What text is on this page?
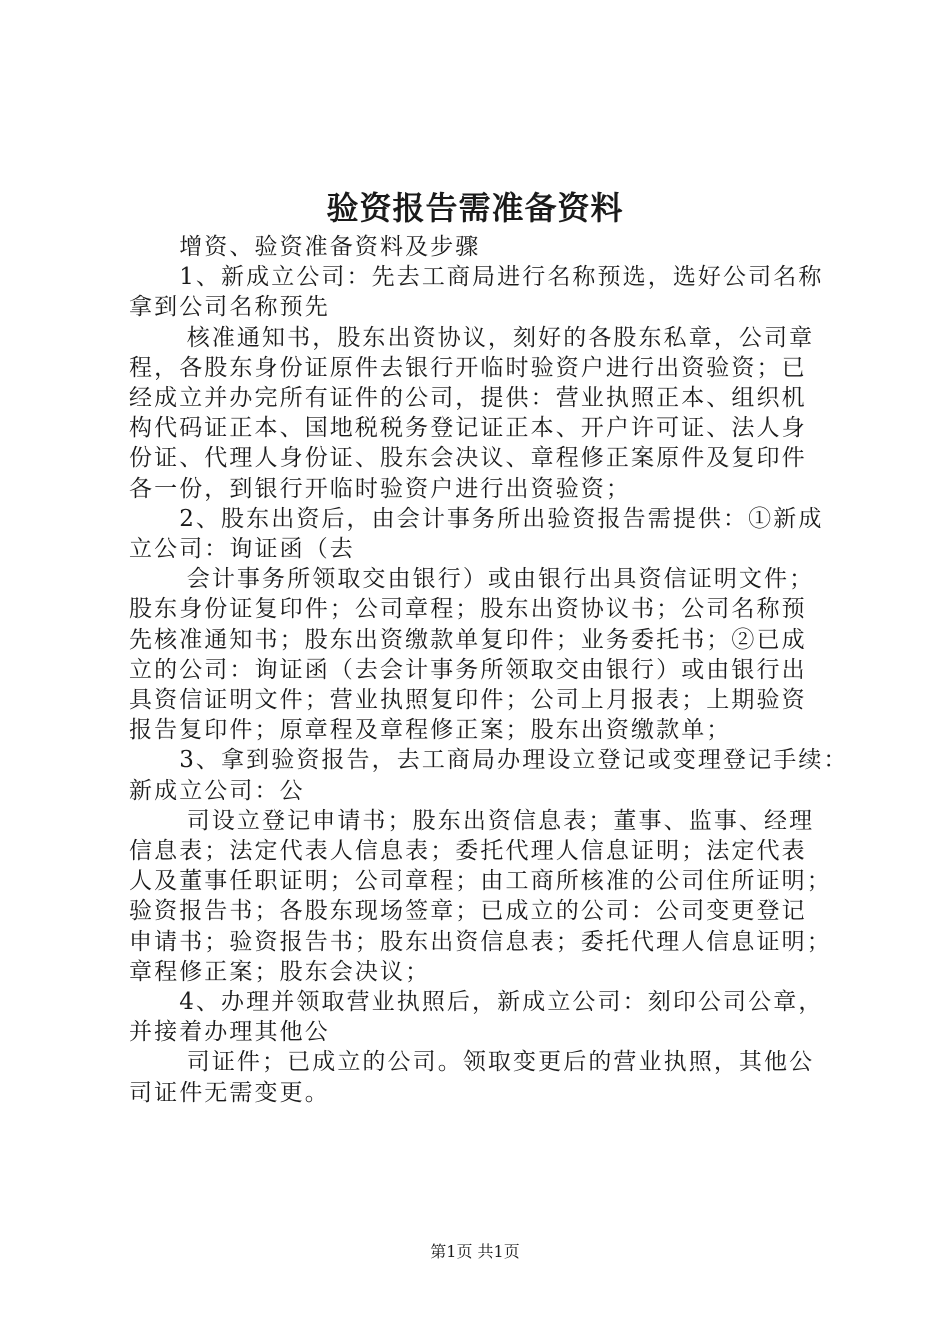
验资报告需准备资料
增资、验资准备资料及步骤
1、新成立公司：先去工商局进行名称预选，选好公司名称
拿到公司名称预先
核准通知书，股东出资协议，刻好的各股东私章，公司章
程，各股东身份证原件去银行开临时验资户进行出资验资；已
经成立并办完所有证件的公司，提供：营业执照正本、组织机
构代码证正本、国地税税务登记证正本、开户许可证、法人身
份证、代理人身份证、股东会决议、章程修正案原件及复印件
各一份，到银行开临时验资户进行出资验资；
2、股东出资后，由会计事务所出验资报告需提供：①新成
立公司：询证函（去
会计事务所领取交由银行）或由银行出具资信证明文件；
股东身份证复印件；公司章程；股东出资协议书；公司名称预
先核准通知书；股东出资缴款单复印件；业务委托书；②已成
立的公司：询证函（去会计事务所领取交由银行）或由银行出
具资信证明文件；营业执照复印件；公司上月报表；上期验资
报告复印件；原章程及章程修正案；股东出资缴款单；
3、拿到验资报告，去工商局办理设立登记或变理登记手续：
新成立公司：公
司设立登记申请书；股东出资信息表；董事、监事、经理
信息表；法定代表人信息表；委托代理人信息证明；法定代表
人及董事任职证明；公司章程；由工商所核准的公司住所证明；
验资报告书；各股东现场签章；已成立的公司：公司变更登记
申请书；验资报告书；股东出资信息表；委托代理人信息证明；
章程修正案；股东会决议；
4、办理并领取营业执照后，新成立公司：刻印公司公章，
并接着办理其他公
司证件；已成立的公司。领取变更后的营业执照，其他公
司证件无需变更。
第1页 共1页
